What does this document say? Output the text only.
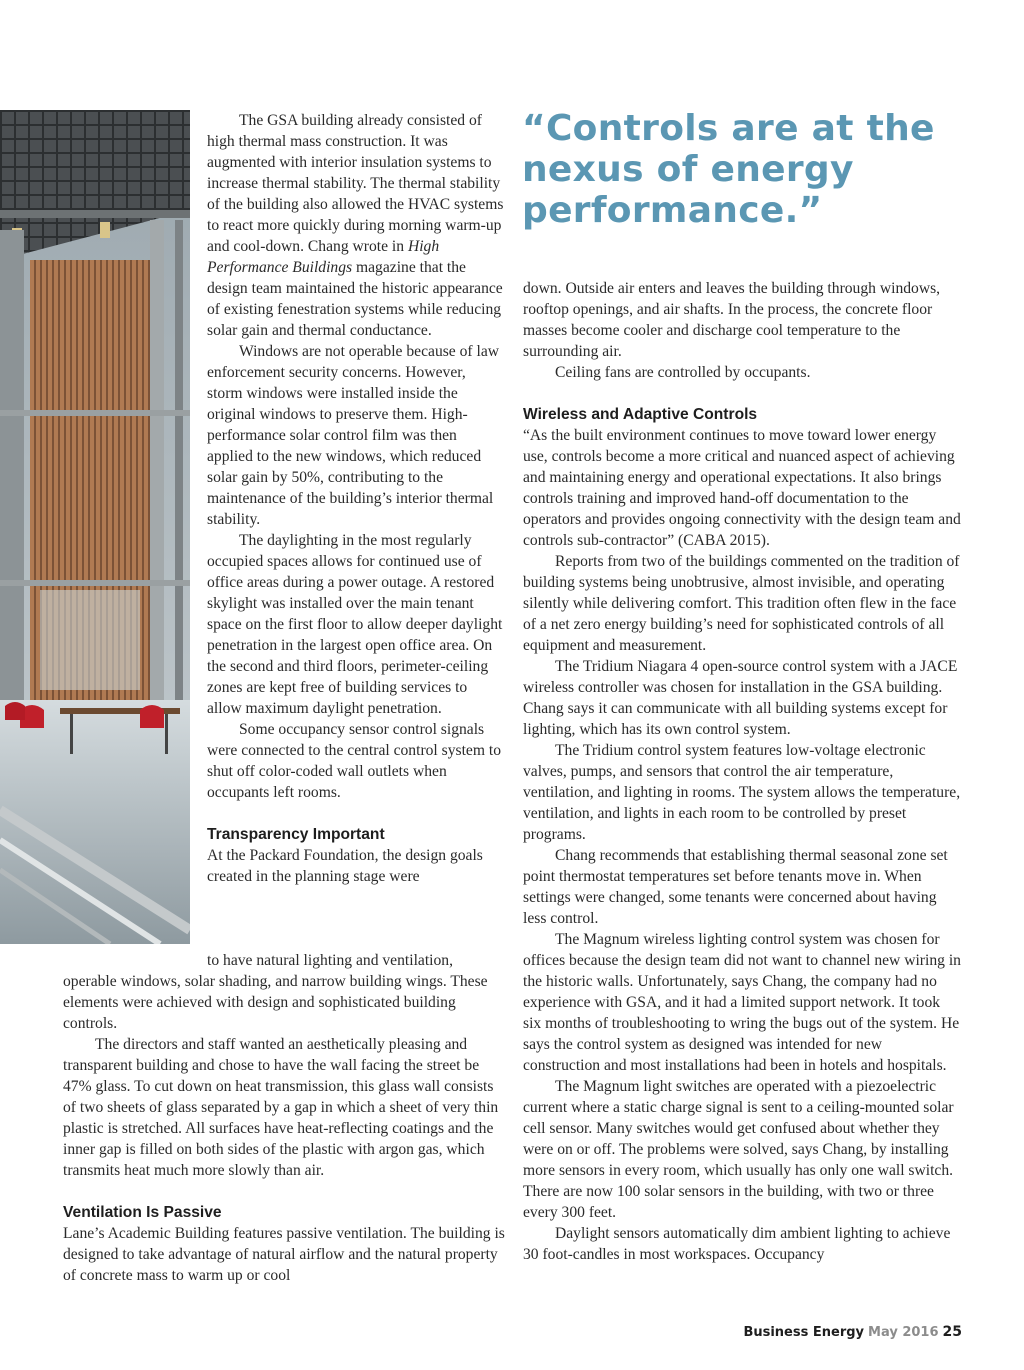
The GSA building already consisted of high thermal mass construction. It was augmented with interior insulation systems to increase thermal stability. The thermal stability of the building also allowed the HVAC systems to react more quickly during morning warm-up and cool-down. Chang wrote in High Performance Buildings magazine that the design team maintained the historic appearance of existing fenestration systems while reducing solar gain and thermal conductance.

Windows are not operable because of law enforcement security concerns. However, storm windows were installed inside the original windows to preserve them. High-performance solar control film was then applied to the new windows, which reduced solar gain by 50%, contributing to the maintenance of the building’s interior thermal stability.

The daylighting in the most regularly occupied spaces allows for continued use of office areas during a power outage. A restored skylight was installed over the main tenant space on the first floor to allow deeper daylight penetration in the largest open office area. On the second and third floors, perimeter-ceiling zones are kept free of building services to allow maximum daylight penetration.

Some occupancy sensor control signals were connected to the central control system to shut off color-coded wall outlets when occupants left rooms.

Transparency Important

At the Packard Foundation, the design goals created in the planning stage were

to have natural lighting and ventilation,
operable windows, solar shading, and narrow building wings. These elements were achieved with design and sophisticated building controls.

The directors and staff wanted an aesthetically pleasing and transparent building and chose to have the wall facing the street be 47% glass. To cut down on heat transmission, this glass wall consists of two sheets of glass separated by a gap in which a sheet of very thin plastic is stretched. All surfaces have heat-reflecting coatings and the inner gap is filled on both sides of the plastic with argon gas, which transmits heat much more slowly than air.

Ventilation Is Passive

Lane’s Academic Building features passive ventilation. The building is designed to take advantage of natural airflow and the natural property of concrete mass to warm up or cool

“Controls are at the nexus of energy performance.”

down. Outside air enters and leaves the building through windows, rooftop openings, and air shafts. In the process, the concrete floor masses become cooler and discharge cool temperature to the surrounding air.

Ceiling fans are controlled by occupants.

Wireless and Adaptive Controls

“As the built environment continues to move toward lower energy use, controls become a more critical and nuanced aspect of achieving and maintaining energy and operational expectations. It also brings controls training and improved hand-off documentation to the operators and provides ongoing connectivity with the design team and controls sub-contractor” (CABA 2015).

Reports from two of the buildings commented on the tradition of building systems being unobtrusive, almost invisible, and operating silently while delivering comfort. This tradition often flew in the face of a net zero energy building’s need for sophisticated controls of all equipment and measurement.

The Tridium Niagara 4 open-source control system with a JACE wireless controller was chosen for installation in the GSA building. Chang says it can communicate with all building systems except for lighting, which has its own control system.

The Tridium control system features low-voltage electronic valves, pumps, and sensors that control the air temperature, ventilation, and lighting in rooms. The system allows the temperature, ventilation, and lights in each room to be controlled by preset programs.

Chang recommends that establishing thermal seasonal zone set point thermostat temperatures set before tenants move in. When settings were changed, some tenants were concerned about having less control.

The Magnum wireless lighting control system was chosen for offices because the design team did not want to channel new wiring in the historic walls. Unfortunately, says Chang, the company had no experience with GSA, and it had a limited support network. It took six months of troubleshooting to wring the bugs out of the system. He says the control system as designed was intended for new construction and most installations had been in hotels and hospitals.

The Magnum light switches are operated with a piezoelectric current where a static charge signal is sent to a ceiling-mounted solar cell sensor. Many switches would get confused about whether they were on or off. The problems were solved, says Chang, by installing more sensors in every room, which usually has only one wall switch. There are now 100 solar sensors in the building, with two or three every 300 feet.

Daylight sensors automatically dim ambient lighting to achieve 30 foot-candles in most workspaces. Occupancy

Business Energy May 2016 25
